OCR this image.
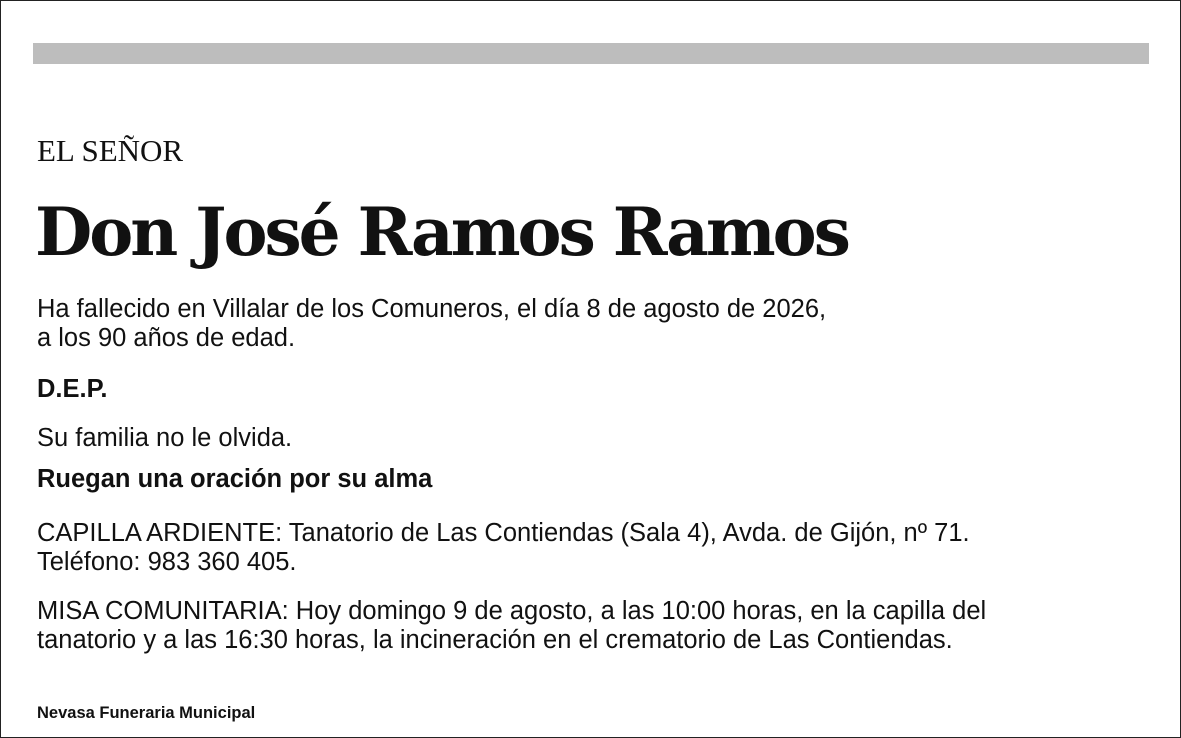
EL SEÑOR
Don José Ramos Ramos
Ha fallecido en Villalar de los Comuneros, el día 8 de agosto de 2026,
a los 90 años de edad.
D.E.P.
Su familia no le olvida.
Ruegan una oración por su alma
CAPILLA ARDIENTE: Tanatorio de Las Contiendas (Sala 4), Avda. de Gijón, nº 71.
Teléfono: 983 360 405.
MISA COMUNITARIA: Hoy domingo 9 de agosto, a las 10:00 horas, en la capilla del
tanatorio y a las 16:30 horas, la incineración en el crematorio de Las Contiendas.
Nevasa Funeraria Municipal
